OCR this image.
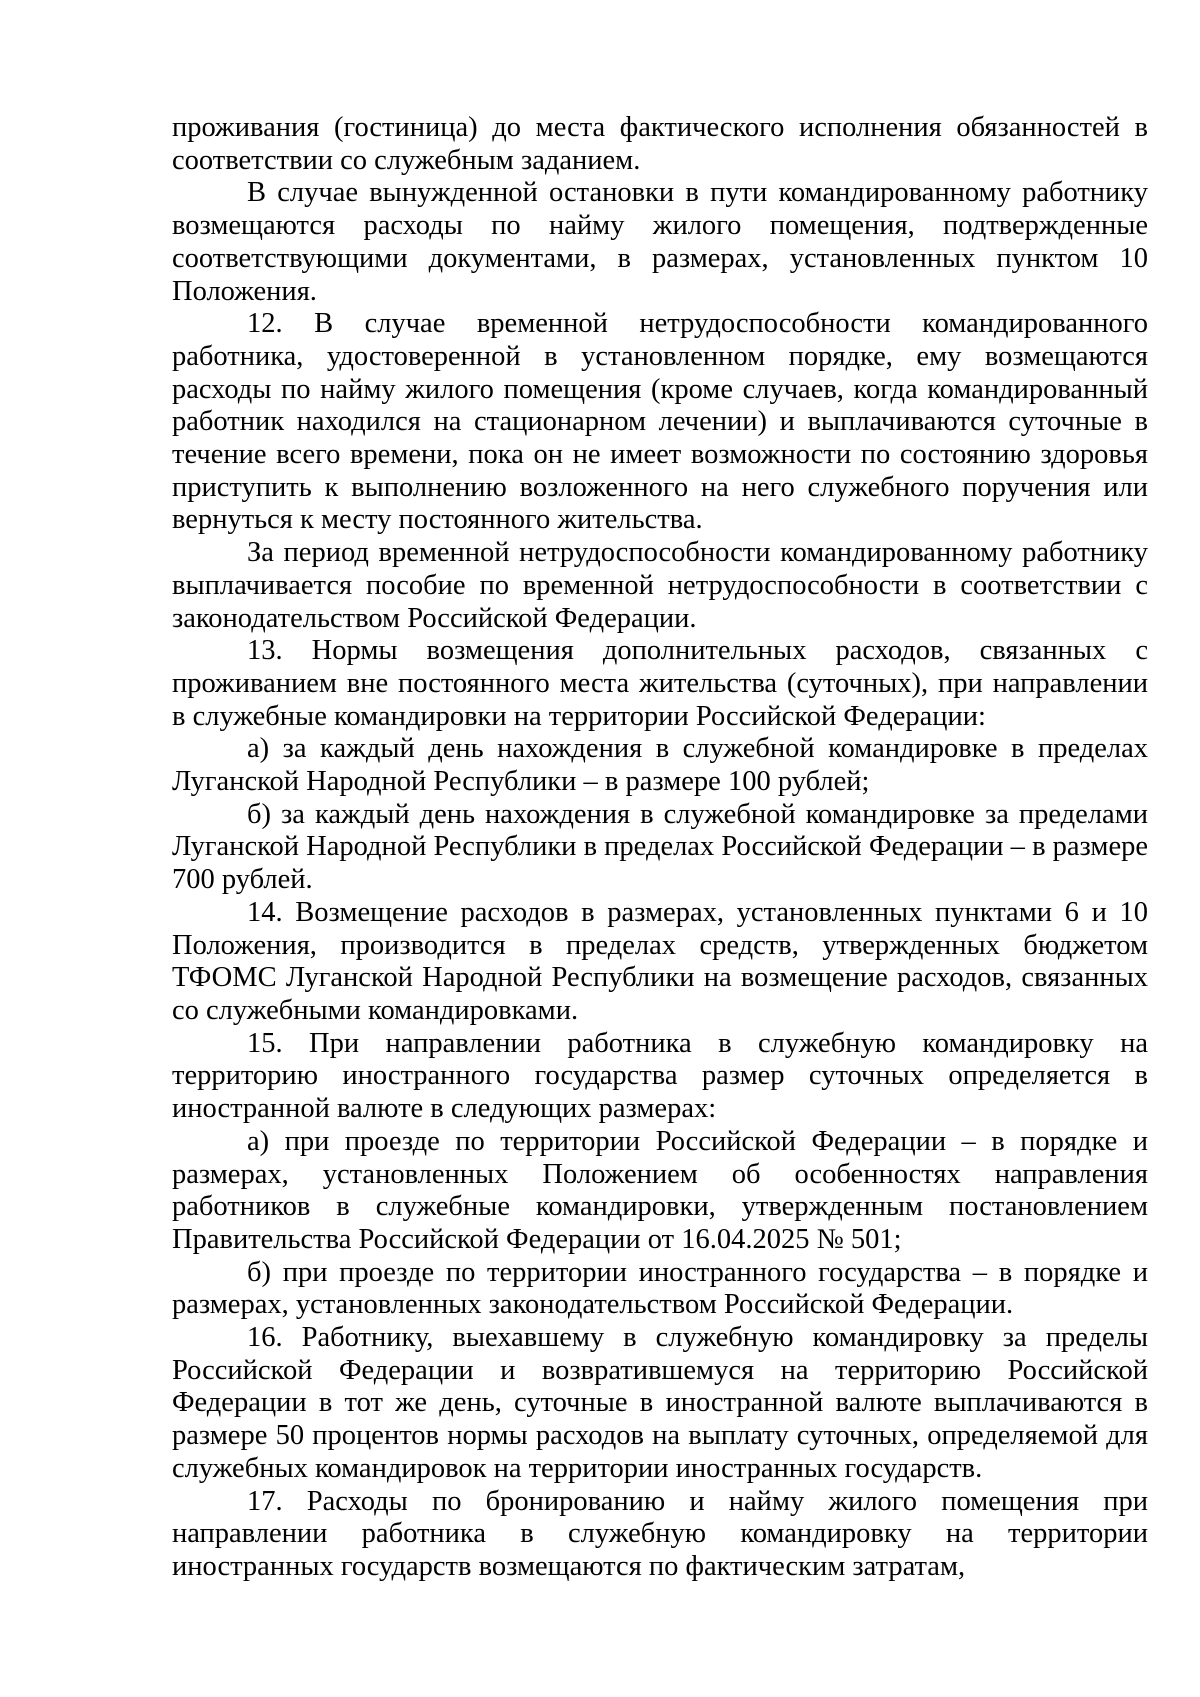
проживания (гостиница) до места фактического исполнения обязанностей в соответствии со служебным заданием.

В случае вынужденной остановки в пути командированному работнику возмещаются расходы по найму жилого помещения, подтвержденные соответствующими документами, в размерах, установленных пунктом 10 Положения.

12. В случае временной нетрудоспособности командированного работника, удостоверенной в установленном порядке, ему возмещаются расходы по найму жилого помещения (кроме случаев, когда командированный работник находился на стационарном лечении) и выплачиваются суточные в течение всего времени, пока он не имеет возможности по состоянию здоровья приступить к выполнению возложенного на него служебного поручения или вернуться к месту постоянного жительства.

За период временной нетрудоспособности командированному работнику выплачивается пособие по временной нетрудоспособности в соответствии с законодательством Российской Федерации.

13. Нормы возмещения дополнительных расходов, связанных с проживанием вне постоянного места жительства (суточных), при направлении в служебные командировки на территории Российской Федерации:

а) за каждый день нахождения в служебной командировке в пределах Луганской Народной Республики – в размере 100 рублей;

б) за каждый день нахождения в служебной командировке за пределами Луганской Народной Республики в пределах Российской Федерации – в размере 700 рублей.

14. Возмещение расходов в размерах, установленных пунктами 6 и 10 Положения, производится в пределах средств, утвержденных бюджетом ТФОМС Луганской Народной Республики на возмещение расходов, связанных со служебными командировками.

15. При направлении работника в служебную командировку на территорию иностранного государства размер суточных определяется в иностранной валюте в следующих размерах:

а) при проезде по территории Российской Федерации – в порядке и размерах, установленных Положением об особенностях направления работников в служебные командировки, утвержденным постановлением Правительства Российской Федерации от 16.04.2025 № 501;

б) при проезде по территории иностранного государства – в порядке и размерах, установленных законодательством Российской Федерации.

16. Работнику, выехавшему в служебную командировку за пределы Российской Федерации и возвратившемуся на территорию Российской Федерации в тот же день, суточные в иностранной валюте выплачиваются в размере 50 процентов нормы расходов на выплату суточных, определяемой для служебных командировок на территории иностранных государств.

17. Расходы по бронированию и найму жилого помещения при направлении работника в служебную командировку на территории иностранных государств возмещаются по фактическим затратам,
